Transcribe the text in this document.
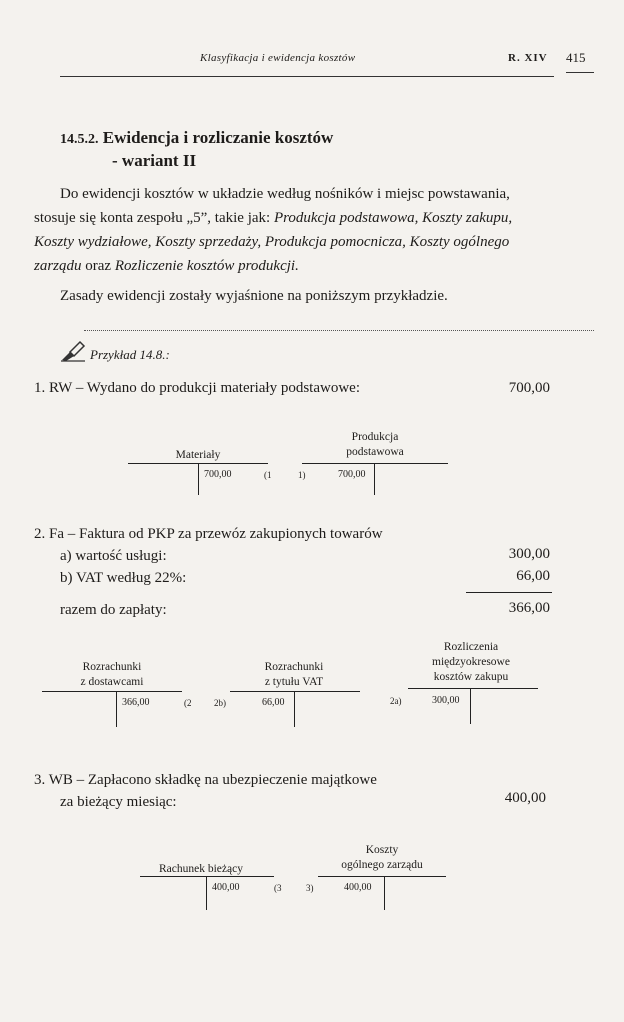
Klasyfikacja i ewidencja kosztów	R. XIV 415
14.5.2. Ewidencja i rozliczanie kosztów
- wariant II
Do ewidencji kosztów w układzie według nośników i miejsc powstawania,
stosuje się konta zespołu „5”, takie jak: Produkcja podstawowa, Koszty zakupu,
Koszty wydziałowe, Koszty sprzedaży, Produkcja pomocnicza, Koszty ogólnego
zarządu oraz Rozliczenie kosztów produkcji.
Zasady ewidencji zostały wyjaśnione na poniższym przykładzie.
Przykład 14.8.:
1. RW – Wydano do produkcji materiały podstawowe:	700,00
Materiały
700,00	(1
Produkcja
podstawowa
700,00
1)
2. Fa – Faktura od PKP za przewóz zakupionych towarów
a) wartość usługi:	300,00
b) VAT według 22%:	66,00
razem do zapłaty:	366,00
Rozrachunki
z dostawcami
366,00	(2
Rozrachunki
z tytułu VAT
66,00
2b)
Rozliczenia
międzyokresowe
kosztów zakupu
300,00
2a)
3. WB – Zapłacono składkę na ubezpieczenie majątkowe
za bieżący miesiąc:	400,00
Rachunek bieżący
400,00	(3
Koszty
ogólnego zarządu
400,00
3)
